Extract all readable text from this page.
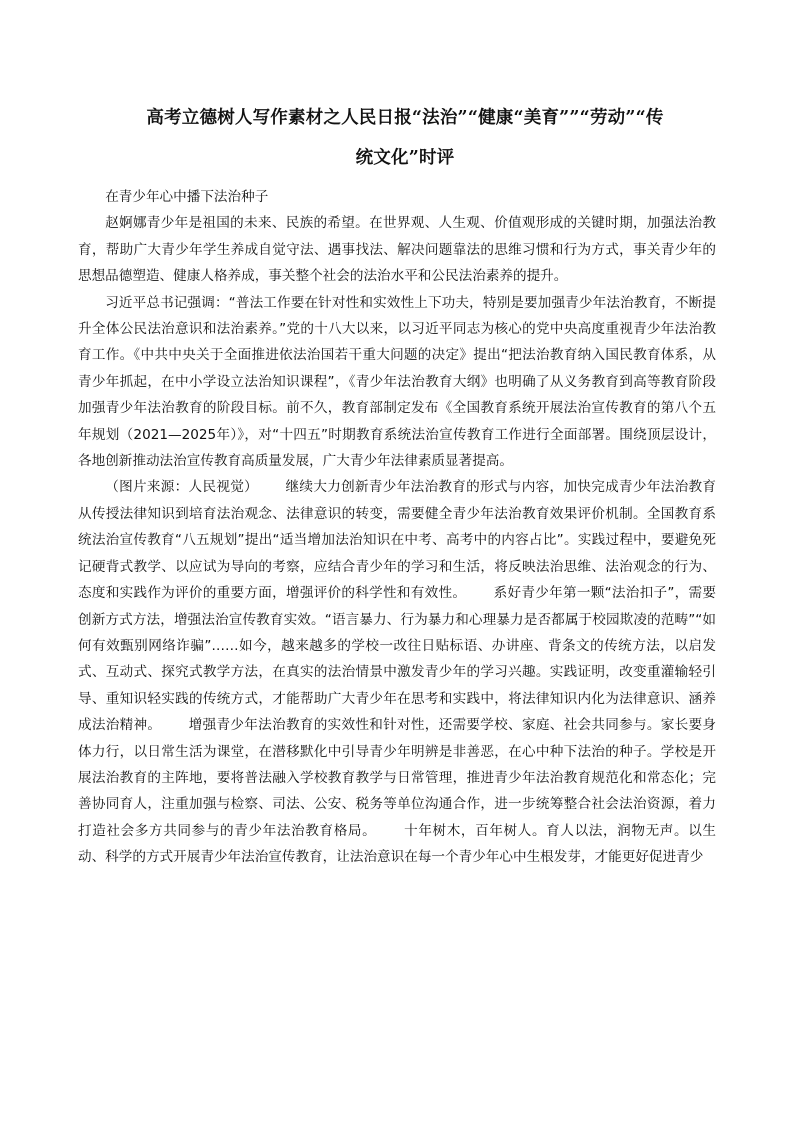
高考立德树人写作素材之人民日报“法治”“健康“美育””“劳动”“传
统文化”时评

在青少年心中播下法治种子

赵婀娜青少年是祖国的未来、民族的希望。在世界观、人生观、价值观形成的关键时期，加强法治教育，帮助广大青少年学生养成自觉守法、遇事找法、解决问题靠法的思维习惯和行为方式，事关青少年的思想品德塑造、健康人格养成，事关整个社会的法治水平和公民法治素养的提升。

习近平总书记强调：“普法工作要在针对性和实效性上下功夫，特别是要加强青少年法治教育，不断提升全体公民法治意识和法治素养。”党的十八大以来，以习近平同志为核心的党中央高度重视青少年法治教育工作。《中共中央关于全面推进依法治国若干重大问题的决定》提出“把法治教育纳入国民教育体系，从青少年抓起，在中小学设立法治知识课程”，《青少年法治教育大纲》也明确了从义务教育到高等教育阶段加强青少年法治教育的阶段目标。前不久，教育部制定发布《全国教育系统开展法治宣传教育的第八个五年规划（2021—2025年）》，对“十四五”时期教育系统法治宣传教育工作进行全面部署。围绕顶层设计，各地创新推动法治宣传教育高质量发展，广大青少年法律素质显著提高。

（图片来源：人民视觉） 继续大力创新青少年法治教育的形式与内容，加快完成青少年法治教育从传授法律知识到培育法治观念、法律意识的转变，需要健全青少年法治教育效果评价机制。全国教育系统法治宣传教育“八五规划”提出“适当增加法治知识在中考、高考中的内容占比”。实践过程中，要避免死记硬背式教学、以应试为导向的考察，应结合青少年的学习和生活，将反映法治思维、法治观念的行为、态度和实践作为评价的重要方面，增强评价的科学性和有效性。 系好青少年第一颗“法治扣子”，需要创新方式方法，增强法治宣传教育实效。“语言暴力、行为暴力和心理暴力是否都属于校园欺凌的范畴”“如何有效甄别网络诈骗”……如今，越来越多的学校一改往日贴标语、办讲座、背条文的传统方法，以启发式、互动式、探究式教学方法，在真实的法治情景中激发青少年的学习兴趣。实践证明，改变重灌输轻引导、重知识轻实践的传统方式，才能帮助广大青少年在思考和实践中，将法律知识内化为法律意识、涵养成法治精神。 增强青少年法治教育的实效性和针对性，还需要学校、家庭、社会共同参与。家长要身体力行，以日常生活为课堂，在潜移默化中引导青少年明辨是非善恶，在心中种下法治的种子。学校是开展法治教育的主阵地，要将普法融入学校教育教学与日常管理，推进青少年法治教育规范化和常态化；完善协同育人，注重加强与检察、司法、公安、税务等单位沟通合作，进一步统筹整合社会法治资源，着力打造社会多方共同参与的青少年法治教育格局。 十年树木，百年树人。育人以法，润物无声。以生动、科学的方式开展青少年法治宣传教育，让法治意识在每一个青少年心中生根发芽，才能更好促进青少
